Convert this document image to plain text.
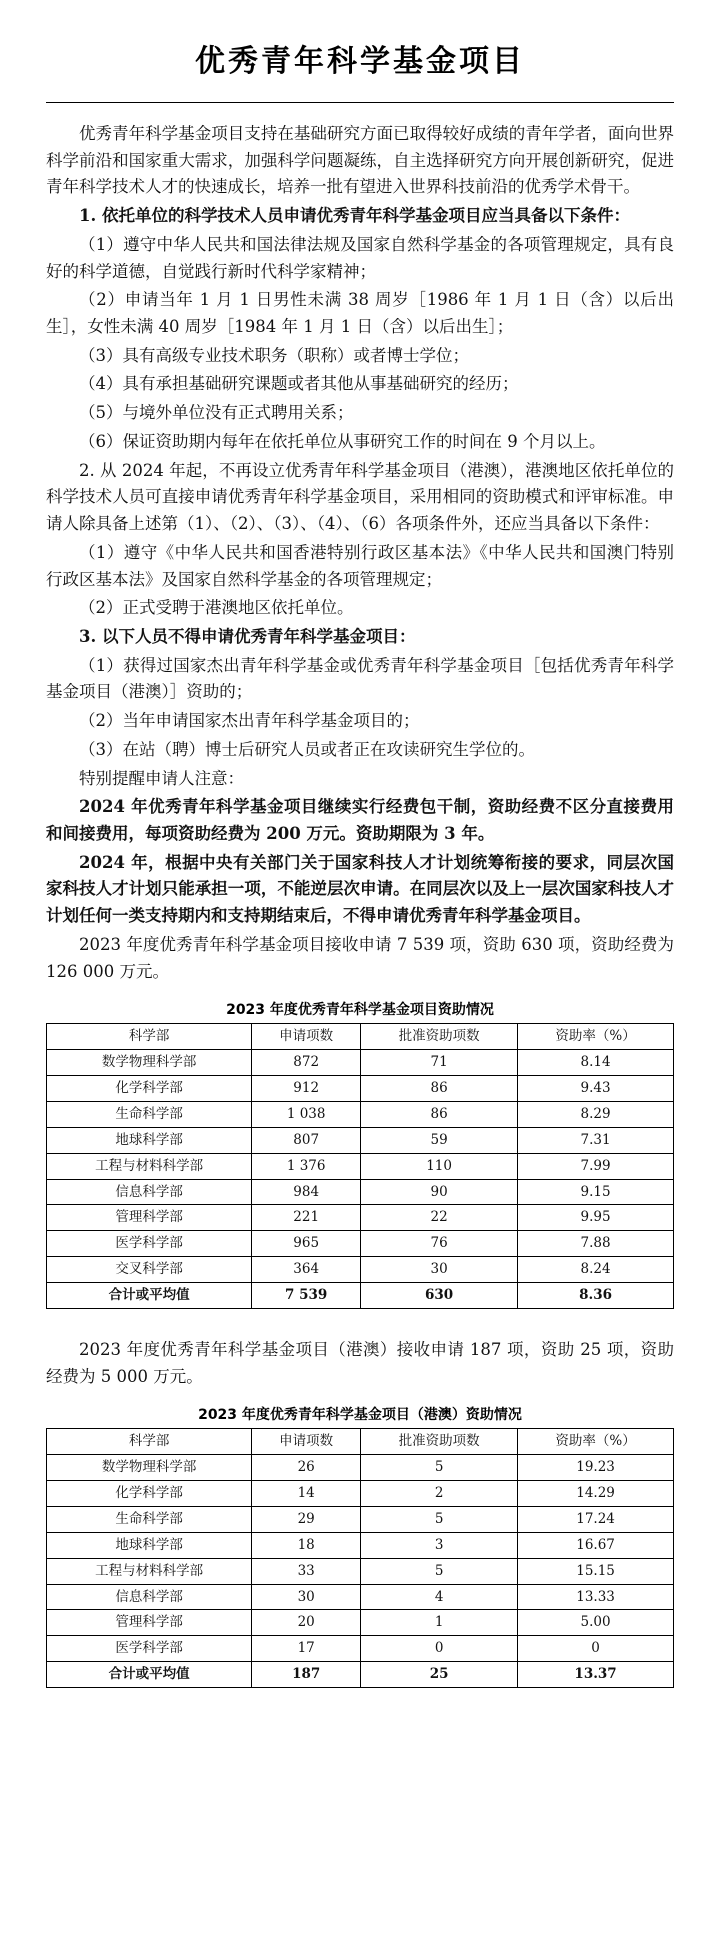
优秀青年科学基金项目

优秀青年科学基金项目支持在基础研究方面已取得较好成绩的青年学者，面向世界科学前沿和国家重大需求，加强科学问题凝练，自主选择研究方向开展创新研究，促进青年科学技术人才的快速成长，培养一批有望进入世界科技前沿的优秀学术骨干。

1. 依托单位的科学技术人员申请优秀青年科学基金项目应当具备以下条件：

（1）遵守中华人民共和国法律法规及国家自然科学基金的各项管理规定，具有良好的科学道德，自觉践行新时代科学家精神；

（2）申请当年 1 月 1 日男性未满 38 周岁［1986 年 1 月 1 日（含）以后出生］，女性未满 40 周岁［1984 年 1 月 1 日（含）以后出生］；

（3）具有高级专业技术职务（职称）或者博士学位；

（4）具有承担基础研究课题或者其他从事基础研究的经历；

（5）与境外单位没有正式聘用关系；

（6）保证资助期内每年在依托单位从事研究工作的时间在 9 个月以上。

2. 从 2024 年起，不再设立优秀青年科学基金项目（港澳），港澳地区依托单位的科学技术人员可直接申请优秀青年科学基金项目，采用相同的资助模式和评审标准。申请人除具备上述第（1）、（2）、（3）、（4）、（6）各项条件外，还应当具备以下条件：

（1）遵守《中华人民共和国香港特别行政区基本法》《中华人民共和国澳门特别行政区基本法》及国家自然科学基金的各项管理规定；

（2）正式受聘于港澳地区依托单位。

3. 以下人员不得申请优秀青年科学基金项目：

（1）获得过国家杰出青年科学基金或优秀青年科学基金项目［包括优秀青年科学基金项目（港澳）］资助的；

（2）当年申请国家杰出青年科学基金项目的；

（3）在站（聘）博士后研究人员或者正在攻读研究生学位的。

特别提醒申请人注意：

2024 年优秀青年科学基金项目继续实行经费包干制，资助经费不区分直接费用和间接费用，每项资助经费为 200 万元。资助期限为 3 年。

2024 年，根据中央有关部门关于国家科技人才计划统筹衔接的要求，同层次国家科技人才计划只能承担一项，不能逆层次申请。在同层次以及上一层次国家科技人才计划任何一类支持期内和支持期结束后，不得申请优秀青年科学基金项目。

2023 年度优秀青年科学基金项目接收申请 7 539 项，资助 630 项，资助经费为 126 000 万元。

2023 年度优秀青年科学基金项目资助情况
科学部	申请项数	批准资助项数	资助率（%）
数学物理科学部	872	71	8.14
化学科学部	912	86	9.43
生命科学部	1 038	86	8.29
地球科学部	807	59	7.31
工程与材料科学部	1 376	110	7.99
信息科学部	984	90	9.15
管理科学部	221	22	9.95
医学科学部	965	76	7.88
交叉科学部	364	30	8.24
合计或平均值	7 539	630	8.36

2023 年度优秀青年科学基金项目（港澳）接收申请 187 项，资助 25 项，资助经费为 5 000 万元。

2023 年度优秀青年科学基金项目（港澳）资助情况
科学部	申请项数	批准资助项数	资助率（%）
数学物理科学部	26	5	19.23
化学科学部	14	2	14.29
生命科学部	29	5	17.24
地球科学部	18	3	16.67
工程与材料科学部	33	5	15.15
信息科学部	30	4	13.33
管理科学部	20	1	5.00
医学科学部	17	0	0
合计或平均值	187	25	13.37
